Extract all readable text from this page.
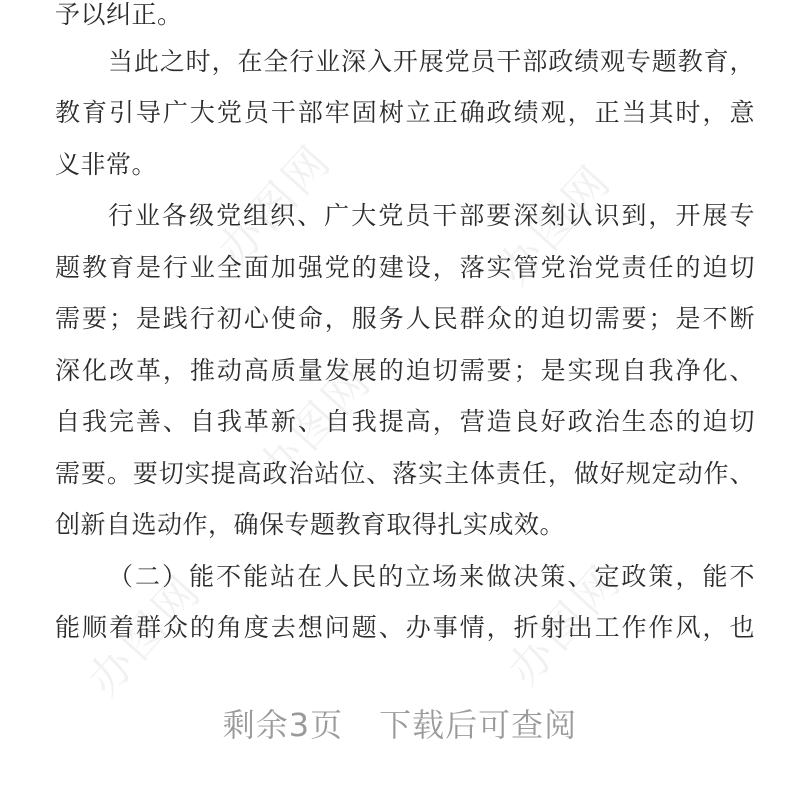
予以纠正。
当此之时，在全行业深入开展党员干部政绩观专题教育，
教育引导广大党员干部牢固树立正确政绩观，正当其时，意
义非常。
行业各级党组织、广大党员干部要深刻认识到，开展专
题教育是行业全面加强党的建设，落实管党治党责任的迫切
需要；是践行初心使命，服务人民群众的迫切需要；是不断
深化改革，推动高质量发展的迫切需要；是实现自我净化、
自我完善、自我革新、自我提高，营造良好政治生态的迫切
需要。要切实提高政治站位、落实主体责任，做好规定动作、
创新自选动作，确保专题教育取得扎实成效。
（二）能不能站在人民的立场来做决策、定政策，能不
能顺着群众的角度去想问题、办事情，折射出工作作风，也
办图网	办图网
办图网
办图网
办图网
剩余3页 下载后可查阅
